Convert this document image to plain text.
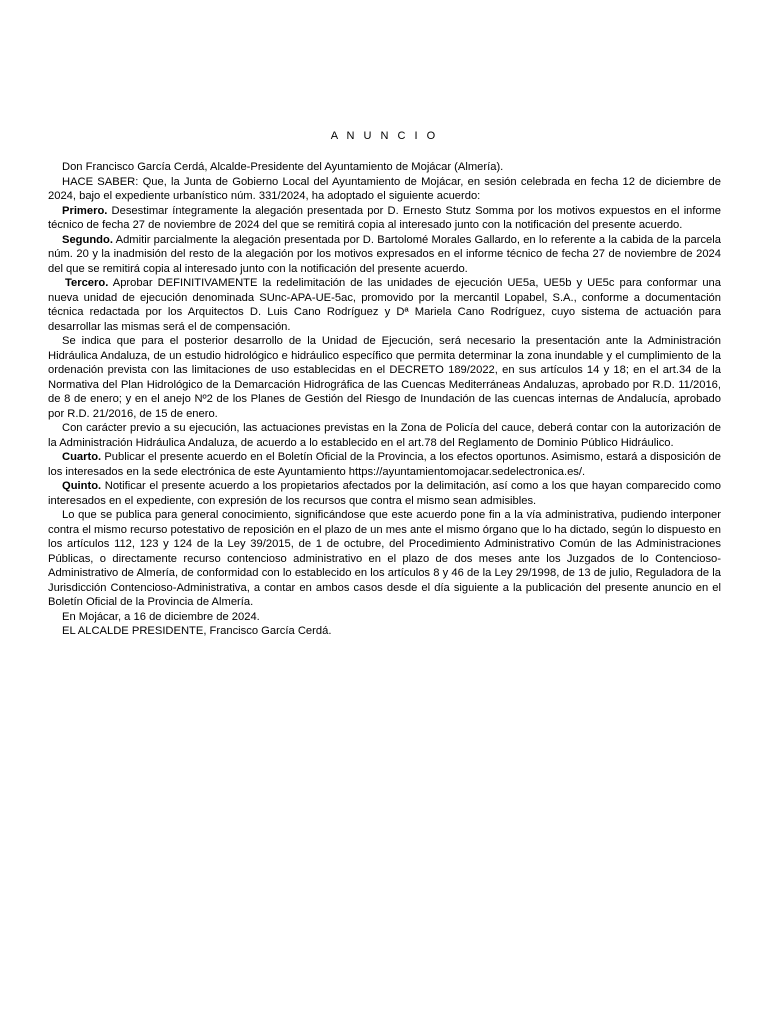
A N U N C I O

Don Francisco García Cerdá, Alcalde-Presidente del Ayuntamiento de Mojácar (Almería).

HACE SABER: Que, la Junta de Gobierno Local del Ayuntamiento de Mojácar, en sesión celebrada en fecha 12 de diciembre de 2024, bajo el expediente urbanístico núm. 331/2024, ha adoptado el siguiente acuerdo:

Primero. Desestimar íntegramente la alegación presentada por D. Ernesto Stutz Somma por los motivos expuestos en el informe técnico de fecha 27 de noviembre de 2024 del que se remitirá copia al interesado junto con la notificación del presente acuerdo.

Segundo. Admitir parcialmente la alegación presentada por D. Bartolomé Morales Gallardo, en lo referente a la cabida de la parcela núm. 20 y la inadmisión del resto de la alegación por los motivos expresados en el informe técnico de fecha 27 de noviembre de 2024 del que se remitirá copia al interesado junto con la notificación del presente acuerdo.

Tercero. Aprobar DEFINITIVAMENTE la redelimitación de las unidades de ejecución UE5a, UE5b y UE5c para conformar una nueva unidad de ejecución denominada SUnc-APA-UE-5ac, promovido por la mercantil Lopabel, S.A., conforme a documentación técnica redactada por los Arquitectos D. Luis Cano Rodríguez y Dª Mariela Cano Rodríguez, cuyo sistema de actuación para desarrollar las mismas será el de compensación.

Se indica que para el posterior desarrollo de la Unidad de Ejecución, será necesario la presentación ante la Administración Hidráulica Andaluza, de un estudio hidrológico e hidráulico específico que permita determinar la zona inundable y el cumplimiento de la ordenación prevista con las limitaciones de uso establecidas en el DECRETO 189/2022, en sus artículos 14 y 18; en el art.34 de la Normativa del Plan Hidrológico de la Demarcación Hidrográfica de las Cuencas Mediterráneas Andaluzas, aprobado por R.D. 11/2016, de 8 de enero; y en el anejo Nº2 de los Planes de Gestión del Riesgo de Inundación de las cuencas internas de Andalucía, aprobado por R.D. 21/2016, de 15 de enero.

Con carácter previo a su ejecución, las actuaciones previstas en la Zona de Policía del cauce, deberá contar con la autorización de la Administración Hidráulica Andaluza, de acuerdo a lo establecido en el art.78 del Reglamento de Dominio Público Hidráulico.

Cuarto. Publicar el presente acuerdo en el Boletín Oficial de la Provincia, a los efectos oportunos. Asimismo, estará a disposición de los interesados en la sede electrónica de este Ayuntamiento https://ayuntamientomojacar.sedelectronica.es/.

Quinto. Notificar el presente acuerdo a los propietarios afectados por la delimitación, así como a los que hayan comparecido como interesados en el expediente, con expresión de los recursos que contra el mismo sean admisibles.

Lo que se publica para general conocimiento, significándose que este acuerdo pone fin a la vía administrativa, pudiendo interponer contra el mismo recurso potestativo de reposición en el plazo de un mes ante el mismo órgano que lo ha dictado, según lo dispuesto en los artículos 112, 123 y 124 de la Ley 39/2015, de 1 de octubre, del Procedimiento Administrativo Común de las Administraciones Públicas, o directamente recurso contencioso administrativo en el plazo de dos meses ante los Juzgados de lo Contencioso-Administrativo de Almería, de conformidad con lo establecido en los artículos 8 y 46 de la Ley 29/1998, de 13 de julio, Reguladora de la Jurisdicción Contencioso-Administrativa, a contar en ambos casos desde el día siguiente a la publicación del presente anuncio en el Boletín Oficial de la Provincia de Almería.

En Mojácar, a 16 de diciembre de 2024.

EL ALCALDE PRESIDENTE, Francisco García Cerdá.
